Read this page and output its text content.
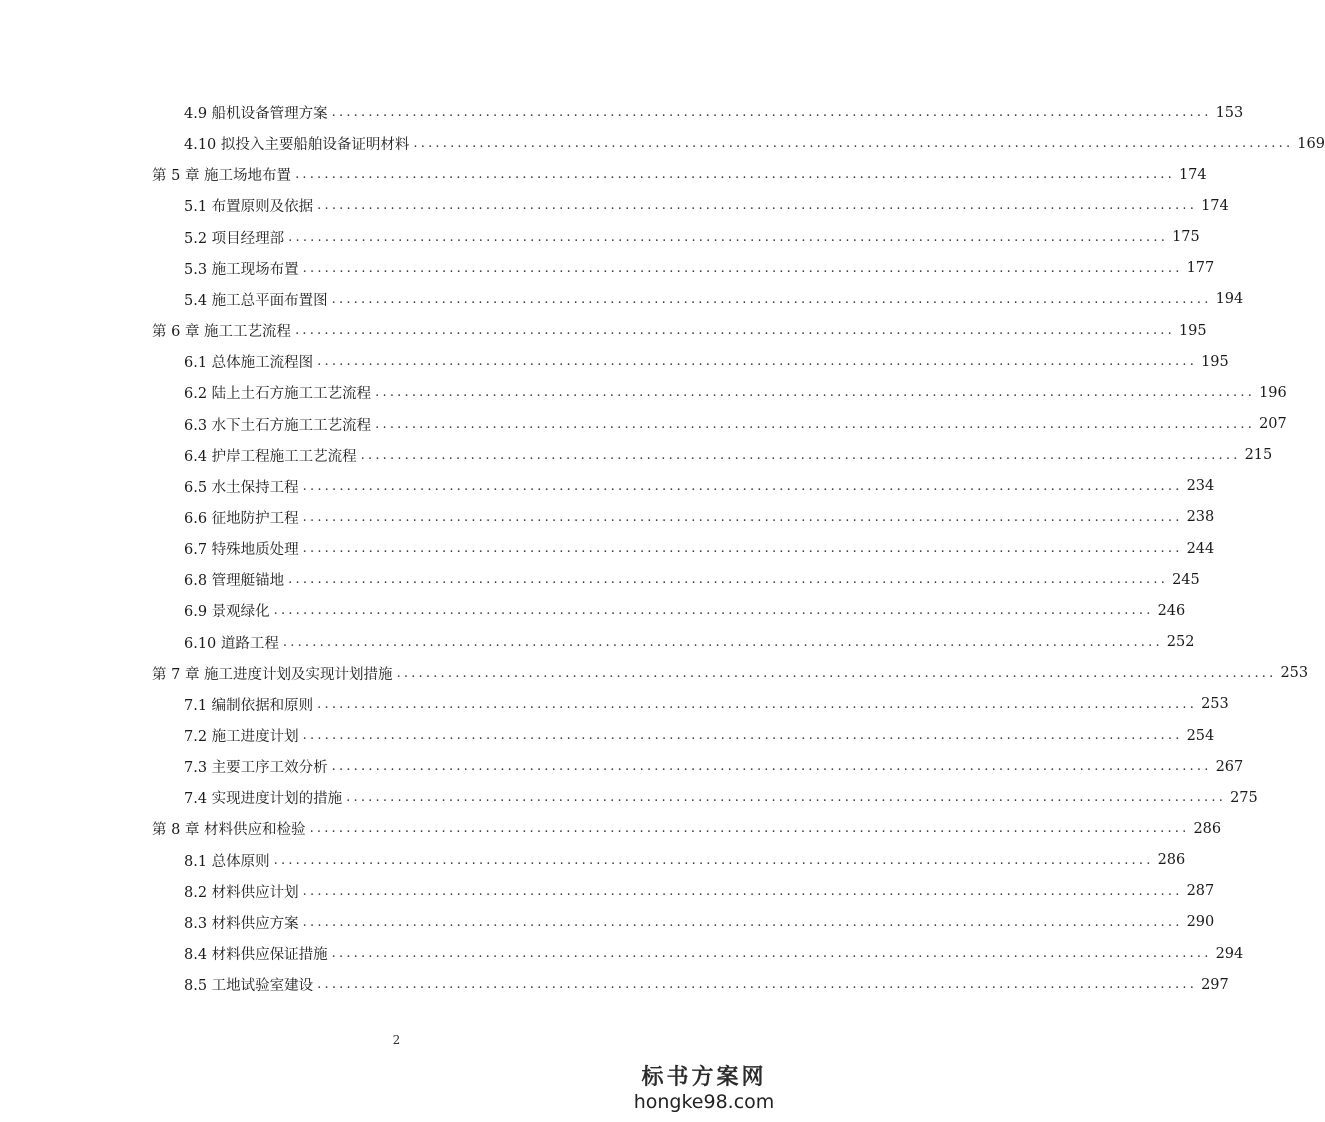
4.9 船机设备管理方案 ........................................................................................................................ 153
4.10 拟投入主要船舶设备证明材料 ........................................................................................................................ 169
第 5 章 施工场地布置 ........................................................................................................................ 174
5.1 布置原则及依据 ........................................................................................................................ 174
5.2 项目经理部 ........................................................................................................................ 175
5.3 施工现场布置 ........................................................................................................................ 177
5.4 施工总平面布置图 ........................................................................................................................ 194
第 6 章 施工工艺流程 ........................................................................................................................ 195
6.1 总体施工流程图 ........................................................................................................................ 195
6.2 陆上土石方施工工艺流程 ........................................................................................................................ 196
6.3 水下土石方施工工艺流程 ........................................................................................................................ 207
6.4 护岸工程施工工艺流程 ........................................................................................................................ 215
6.5 水土保持工程 ........................................................................................................................ 234
6.6 征地防护工程 ........................................................................................................................ 238
6.7 特殊地质处理 ........................................................................................................................ 244
6.8 管理艇锚地 ........................................................................................................................ 245
6.9 景观绿化 ........................................................................................................................ 246
6.10 道路工程 ........................................................................................................................ 252
第 7 章 施工进度计划及实现计划措施 ........................................................................................................................ 253
7.1 编制依据和原则 ........................................................................................................................ 253
7.2 施工进度计划 ........................................................................................................................ 254
7.3 主要工序工效分析 ........................................................................................................................ 267
7.4 实现进度计划的措施 ........................................................................................................................ 275
第 8 章 材料供应和检验 ........................................................................................................................ 286
8.1 总体原则 ........................................................................................................................ 286
8.2 材料供应计划 ........................................................................................................................ 287
8.3 材料供应方案 ........................................................................................................................ 290
8.4 材料供应保证措施 ........................................................................................................................ 294
8.5 工地试验室建设 ........................................................................................................................ 297
2
标书方案网
hongke98.com
